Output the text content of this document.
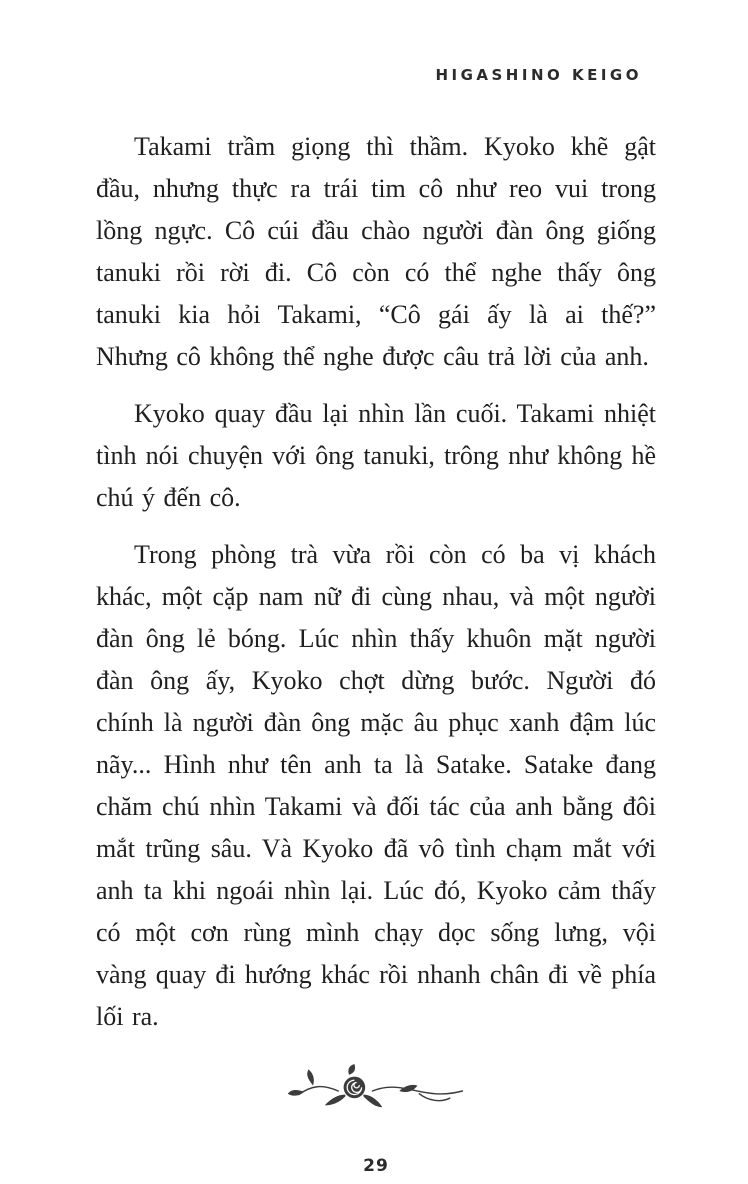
HIGASHINO KEIGO

Takami trầm giọng thì thầm. Kyoko khẽ gật đầu, nhưng thực ra trái tim cô như reo vui trong lồng ngực. Cô cúi đầu chào người đàn ông giống tanuki rồi rời đi. Cô còn có thể nghe thấy ông tanuki kia hỏi Takami, “Cô gái ấy là ai thế?” Nhưng cô không thể nghe được câu trả lời của anh.

Kyoko quay đầu lại nhìn lần cuối. Takami nhiệt tình nói chuyện với ông tanuki, trông như không hề chú ý đến cô.

Trong phòng trà vừa rồi còn có ba vị khách khác, một cặp nam nữ đi cùng nhau, và một người đàn ông lẻ bóng. Lúc nhìn thấy khuôn mặt người đàn ông ấy, Kyoko chợt dừng bước. Người đó chính là người đàn ông mặc âu phục xanh đậm lúc nãy... Hình như tên anh ta là Satake. Satake đang chăm chú nhìn Takami và đối tác của anh bằng đôi mắt trũng sâu. Và Kyoko đã vô tình chạm mắt với anh ta khi ngoái nhìn lại. Lúc đó, Kyoko cảm thấy có một cơn rùng mình chạy dọc sống lưng, vội vàng quay đi hướng khác rồi nhanh chân đi về phía lối ra.

29
